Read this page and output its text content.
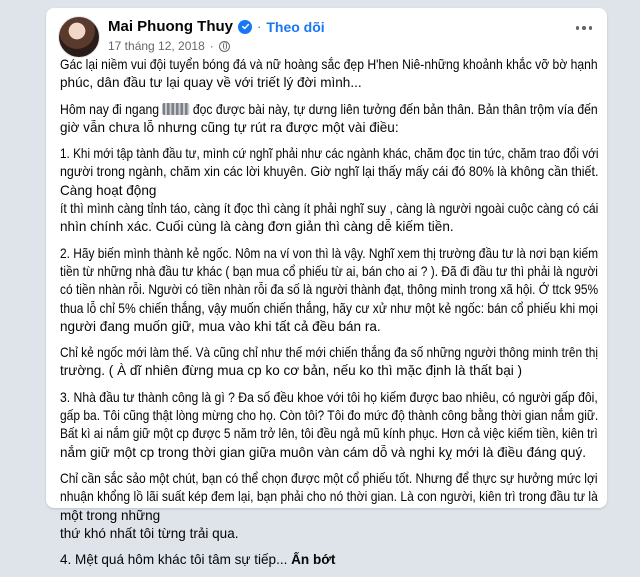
Mai Phuong Thuy · Theo dõi
17 tháng 12, 2018 ·
Gác lại niềm vui đội tuyển bóng đá và nữ hoàng sắc đẹp H'hen Niê-những khoảnh khắc vỡ bờ hạnh
phúc, dân đầu tư lại quay về với triết lý đời mình...
Hôm nay đi ngang đọc được bài này, tự dưng liên tưởng đến bản thân. Bản thân trộm vía đến
giờ vẫn chưa lỗ nhưng cũng tự rút ra được một vài điều:
1. Khi mới tập tành đầu tư, mình cứ nghĩ phải như các ngành khác, chăm đọc tin tức, chăm trao đổi với
người trong ngành, chăm xin các lời khuyên. Giờ nghĩ lại thấy mấy cái đó 80% là không cần thiết.
Càng hoạt động
ít thì mình càng tỉnh táo, càng ít đọc thì càng ít phải nghĩ suy , càng là người ngoài cuộc càng có cái
nhìn chính xác. Cuối cùng là càng đơn giản thì càng dễ kiếm tiền.
2. Hãy biến mình thành kẻ ngốc. Nôm na ví von thì là vậy. Nghĩ xem thị trường đầu tư là nơi bạn kiếm
tiền từ những nhà đầu tư khác ( bạn mua cổ phiếu từ ai, bán cho ai ? ). Đã đi đầu tư thì phải là người
có tiền nhàn rỗi. Người có tiền nhàn rỗi đa số là người thành đạt, thông minh trong xã hội. Ở ttck 95%
thua lỗ chỉ 5% chiến thắng, vậy muốn chiến thắng, hãy cư xử như một kẻ ngốc: bán cổ phiếu khi mọi
người đang muốn giữ, mua vào khi tất cả đều bán ra.
Chỉ kẻ ngốc mới làm thế. Và cũng chỉ như thế mới chiến thắng đa số những người thông minh trên thị
trường. ( À dĩ nhiên đừng mua cp ko cơ bản, nếu ko thì mặc định là thất bại )
3. Nhà đầu tư thành công là gì ? Đa số đều khoe với tôi họ kiếm được bao nhiêu, có người gấp đôi,
gấp ba. Tôi cũng thật lòng mừng cho họ. Còn tôi? Tôi đo mức độ thành công bằng thời gian nắm giữ.
Bất kì ai nắm giữ một cp được 5 năm trở lên, tôi đều ngả mũ kính phục. Hơn cả việc kiếm tiền, kiên trì
nắm giữ một cp trong thời gian giữa muôn vàn cám dỗ và nghi kỵ mới là điều đáng quý.
Chỉ cần sắc sảo một chút, bạn có thể chọn được một cổ phiếu tốt. Nhưng để thực sự hưởng mức lợi
nhuận khổng lồ lãi suất kép đem lại, bạn phải cho nó thời gian. Là con người, kiên trì trong đầu tư là
một trong những
thứ khó nhất tôi từng trải qua.
4. Mệt quá hôm khác tôi tâm sự tiếp... Ẩn bớt
